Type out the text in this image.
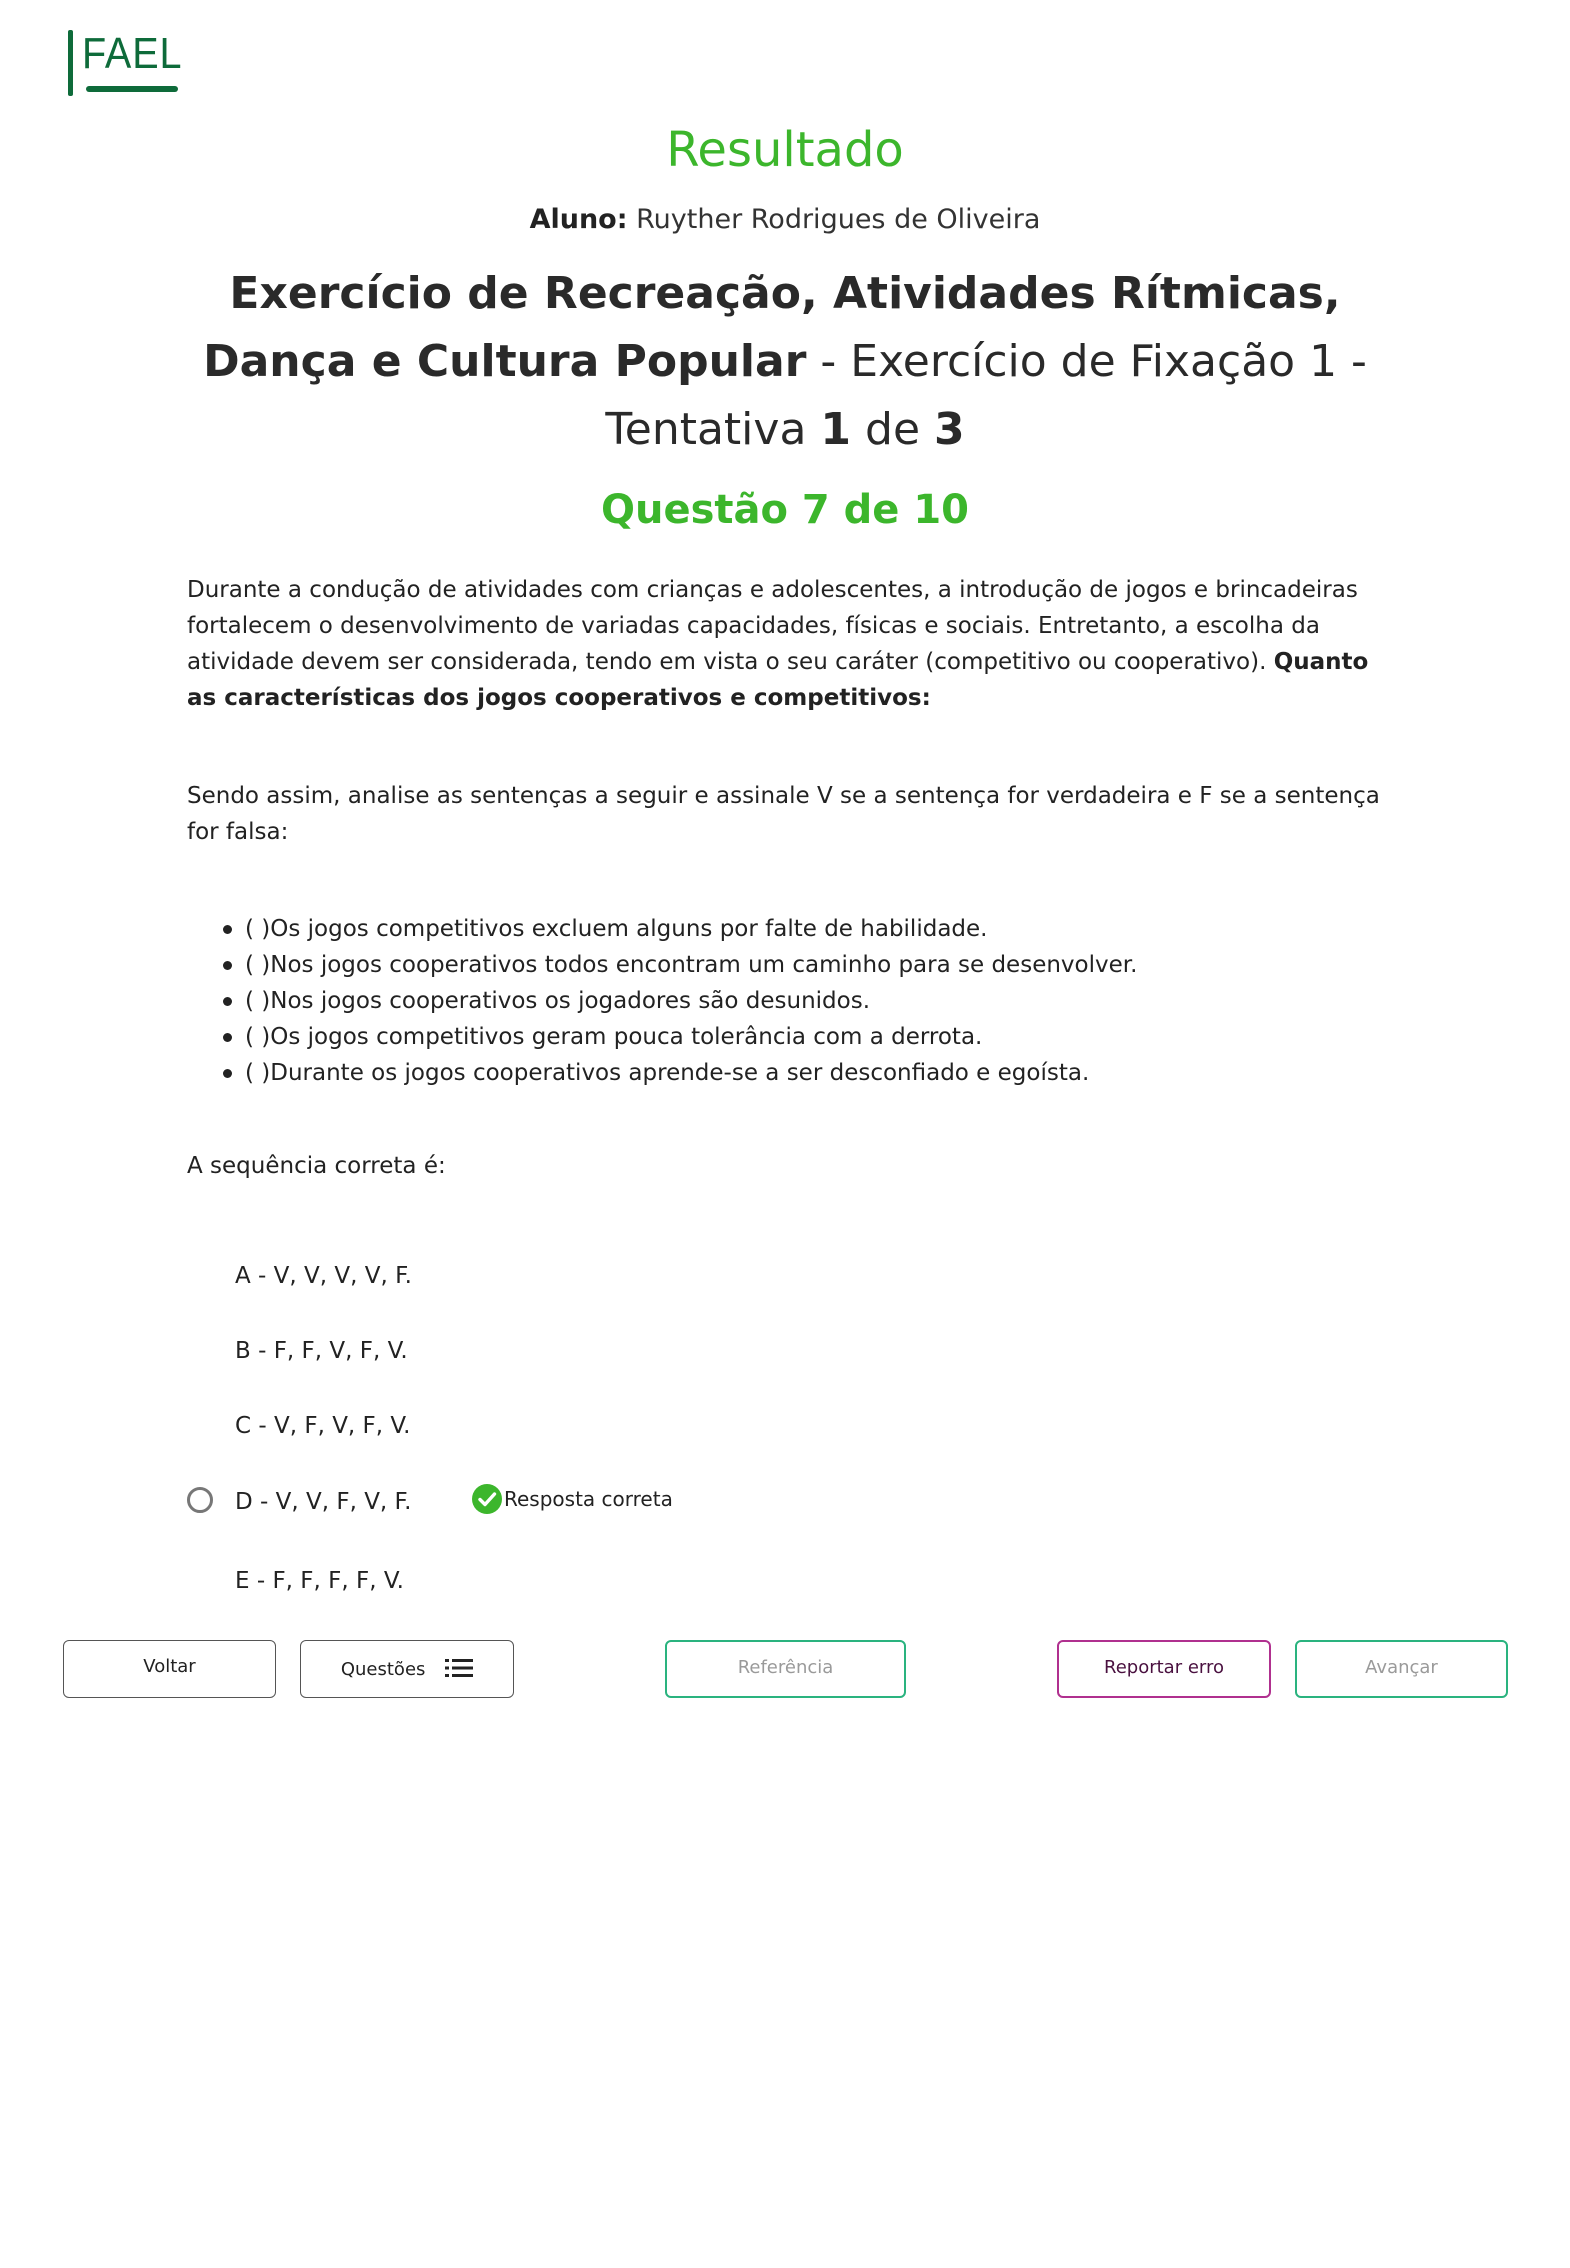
FAEL
Resultado
Aluno: Ruyther Rodrigues de Oliveira
Exercício de Recreação, Atividades Rítmicas, Dança e Cultura Popular - Exercício de Fixação 1 - Tentativa 1 de 3
Questão 7 de 10
Durante a condução de atividades com crianças e adolescentes, a introdução de jogos e brincadeiras fortalecem o desenvolvimento de variadas capacidades, físicas e sociais. Entretanto, a escolha da atividade devem ser considerada, tendo em vista o seu caráter (competitivo ou cooperativo). Quanto as características dos jogos cooperativos e competitivos:
Sendo assim, analise as sentenças a seguir e assinale V se a sentença for verdadeira e F se a sentença for falsa:
( )Os jogos competitivos excluem alguns por falte de habilidade.
( )Nos jogos cooperativos todos encontram um caminho para se desenvolver.
( )Nos jogos cooperativos os jogadores são desunidos.
( )Os jogos competitivos geram pouca tolerância com a derrota.
( )Durante os jogos cooperativos aprende-se a ser desconfiado e egoísta.
A sequência correta é:
A - V, V, V, V, F.
B - F, F, V, F, V.
C - V, F, V, F, V.
D - V, V, F, V, F.
E - F, F, F, F, V.
Resposta correta
Voltar	Questões	Referência	Reportar erro	Avançar
